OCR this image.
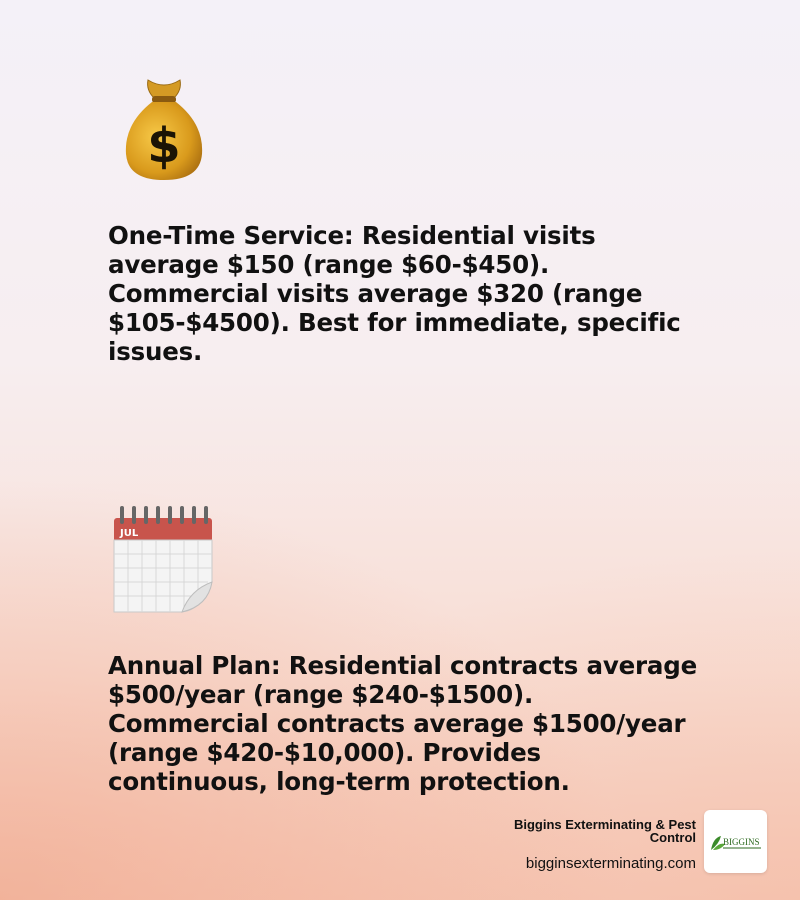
$
One-Time Service: Residential visits average $150 (range $60-$450). Commercial visits average $320 (range $105-$4500). Best for immediate, specific issues.
JUL
Annual Plan: Residential contracts average $500/year (range $240-$1500). Commercial contracts average $1500/year (range $420-$10,000). Provides continuous, long-term protection.
Biggins Exterminating & Pest Control
bigginsexterminating.com
BIGGINS
